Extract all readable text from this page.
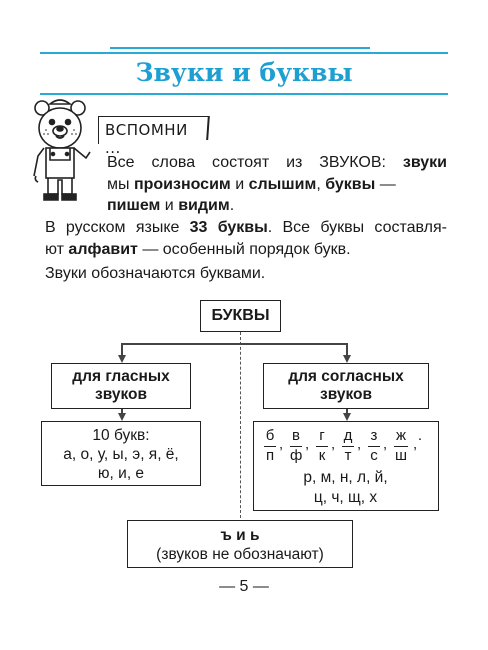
Звуки и буквы
ВСПОМНИ ...
Все слова состоят из ЗВУКОВ: звуки
мы произносим и слышим, буквы —
пишем и видим.
В русском языке 33 буквы. Все буквы составля-
ют алфавит — особенный порядок букв.
Звуки обозначаются буквами.
БУКВЫ
для гласных
звуков
для согласных
звуков
10 букв:
а, о, у, ы, э, я, ё,
ю, и, е
б в г д з ж .
п ф к т с ш
’ ’ ’ ’ ’ ’
р, м, н, л, й,
ц, ч, щ, х
ъ и ь
(звуков не обозначают)
— 5 —
